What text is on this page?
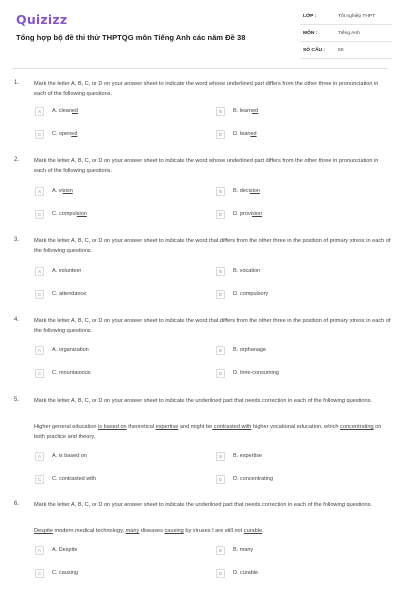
Quizizz
Tổng hợp bộ đề thi thử THPTQG môn Tiếng Anh các năm Đề 38
LỚP :	Tốt nghiệp THPT
MÔN :	Tiếng Anh
SỐ CÂU :	50
1.	Mark the letter A, B, C, or D on your answer sheet to indicate the word whose underlined part differs from the other three in pronunciation in each of the following questions.
A	A. cleaned	B	B. learned
C	C. opened	D	D. leaned
2.	Mark the letter A, B, C, or D on your answer sheet to indicate the word whose underlined part differs from the other three in pronunciation in each of the following questions.
A	A. vision	B	B. decision
C	C. compulsion	D	D. provision
3.	Mark the letter A, B, C, or D on your answer sheet to indicate the word that differs from the other three in the position of primary stress in each of the following questions.
A	A. volunteer	B	B. vocation
C	C. attendance	D	D. compulsory
4.	Mark the letter A, B, C, or D on your answer sheet to indicate the word that differs from the other three in the position of primary stress in each of the following questions.
A	A. organization	B	B. orphanage
C	C. mountainous	D	D. time-consuming
5.	Mark the letter A, B, C, or D on your answer sheet to indicate the underlined part that needs correction in each of the following questions.
Higher general education is based on theoretical expertise and might be contrasted with higher vocational education, which concentrating on both practice and theory.
A	A. is based on	B	B. expertise
C	C. contrasted with	D	D. concentrating
6.	Mark the letter A, B, C, or D on your answer sheet to indicate the underlined part that needs correction in each of the following questions.
Despite modern medical technology, many diseases causing by viruses I are still not curable.
A	A. Despite	B	B. many
C	C. causing	D	D. curable
